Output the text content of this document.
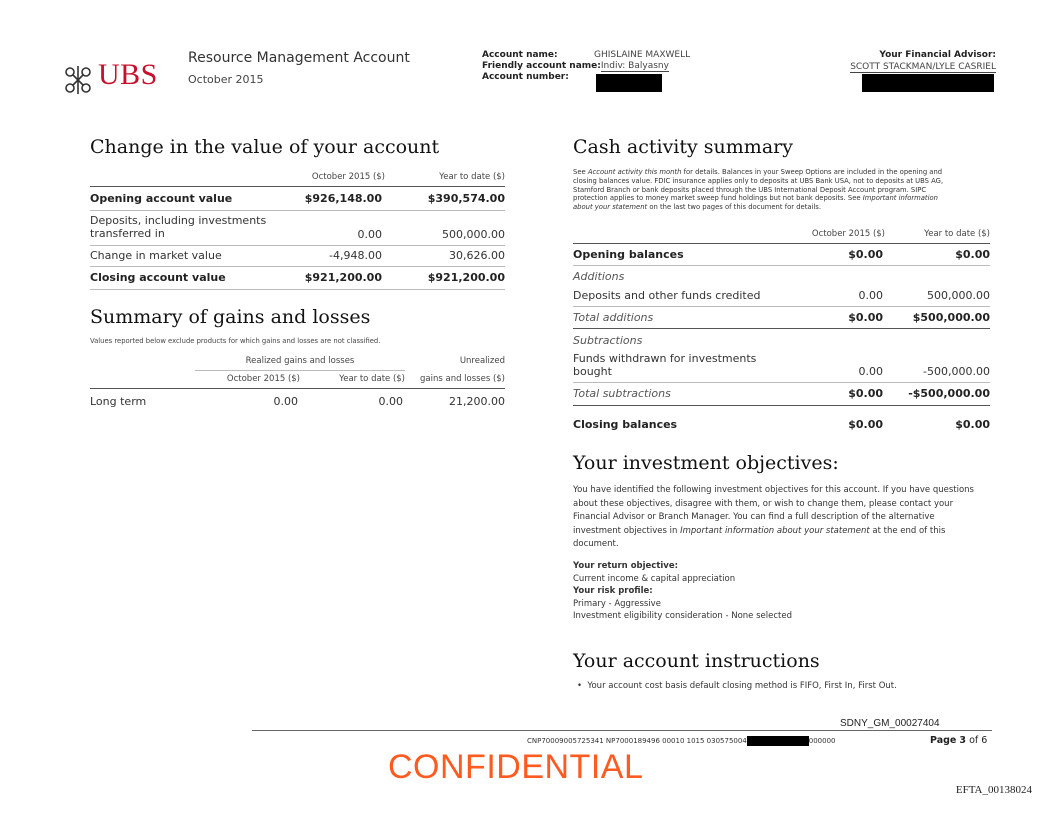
UBS Resource Management Account
October 2015
Account name:	GHISLAINE MAXWELL
Friendly account name:Indiv: Balyasny
Account number:
Your Financial Advisor:
SCOTT STACKMAN/LYLE CASRIEL
Change in the value of your account
October 2015 ($)	Year to date ($)
Opening account value	$926,148.00	$390,574.00
Deposits, including investments
transferred in	0.00	500,000.00
Change in market value	-4,948.00	30,626.00
Closing account value	$921,200.00	$921,200.00
Summary of gains and losses
Values reported below exclude products for which gains and losses are not classified.
Realized gains and losses	Unrealized
October 2015 ($)	Year to date ($)	gains and losses ($)
Long term	0.00	0.00	21,200.00
Cash activity summary
See Account activity this month for details. Balances in your Sweep Options are included in the opening and
closing balances value. FDIC insurance applies only to deposits at UBS Bank USA, not to deposits at UBS AG,
Stamford Branch or bank deposits placed through the UBS International Deposit Account program. SIPC
protection applies to money market sweep fund holdings but not bank deposits. See Important information
about your statement on the last two pages of this document for details.
October 2015 ($)	Year to date ($)
Opening balances	$0.00	$0.00
Additions
Deposits and other funds credited	0.00	500,000.00
Total additions	$0.00	$500,000.00
Subtractions
Funds withdrawn for investments
bought	0.00	-500,000.00
Total subtractions	$0.00	-$500,000.00
Closing balances	$0.00	$0.00
Your investment objectives:
You have identified the following investment objectives for this account. If you have questions
about these objectives, disagree with them, or wish to change them, please contact your
Financial Advisor or Branch Manager. You can find a full description of the alternative
investment objectives in Important information about your statement at the end of this
document.
Your return objective:
Current income & capital appreciation
Your risk profile:
Primary - Aggressive
Investment eligibility consideration - None selected
Your account instructions
• Your account cost basis default closing method is FIFO, First In, First Out.
SDNY_GM_00027404
CNP70009005725341 NP7000189496 00010 1015 030575004	000000	Page 3 of 6
CONFIDENTIAL
EFTA_00138024
